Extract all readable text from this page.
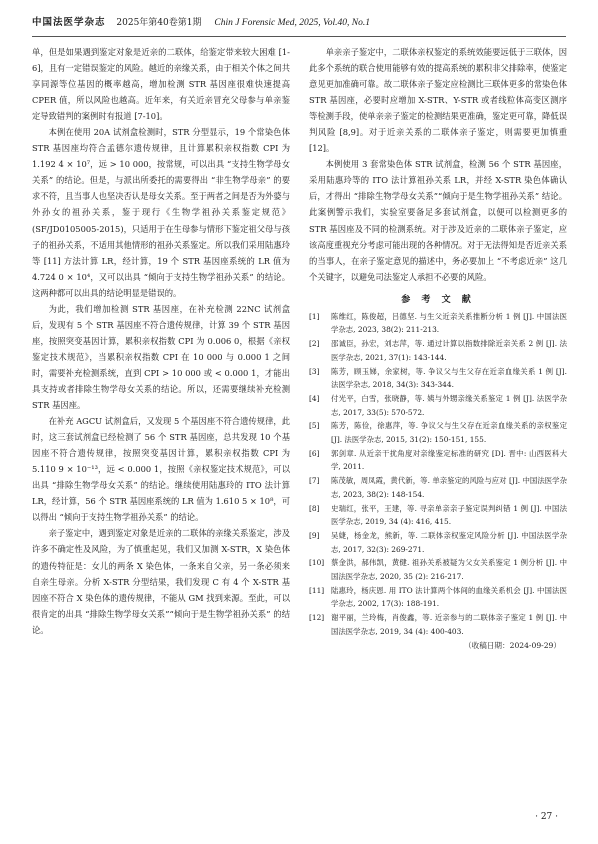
中国法医学杂志 2025年第40卷第1期 Chin J Forensic Med, 2025, Vol.40, No.1

单，但是如果遇到鉴定对象是近亲的二联体，给鉴定带来较大困难 [1-6]，且有一定错误鉴定的风险。越近的亲缘关系，由于相关个体之间共享同源等位基因的概率越高，增加检测 STR 基因座很难快速提高 CPER 值，所以风险也越高。近年来，有关近亲冒充父母参与单亲鉴定导致错判的案例时有报道 [7-10]。

本例在使用 20A 试剂盒检测时，STR 分型显示，19 个常染色体 STR 基因座均符合孟德尔遗传规律，且计算累积亲权指数 CPI 为 1.192 4 × 10⁷，远 > 10 000，按常规，可以出具 “支持生物学母女关系” 的结论。但是，与派出所委托的需要得出 “非生物学母亲” 的要求不符，且当事人也坚决否认是母女关系。至于两者之间是否为外婆与外孙女的祖孙关系，鉴于现行《生物学祖孙关系鉴定规范》(SF/JD0105005-2015)，只适用于在生母参与情形下鉴定祖父母与孩子的祖孙关系，不适用其他情形的祖孙关系鉴定。所以我们采用陆惠玲等 [11] 方法计算 LR，经计算，19 个 STR 基因座系统的 LR 值为 4.724 0 × 10⁴，又可以出具 “倾向于支持生物学祖孙关系” 的结论。这两种都可以出具的结论明显是错误的。

为此，我们增加检测 STR 基因座，在补充检测 22NC 试剂盒后，发现有 5 个 STR 基因座不符合遗传规律，计算 39 个 STR 基因座，按照突变基因计算，累积亲权指数 CPI 为 0.006 0，根据《亲权鉴定技术规范》，当累积亲权指数 CPI 在 10 000 与 0.000 1 之间时，需要补充检测系统，直到 CPI > 10 000 或 < 0.000 1，才能出具支持或者排除生物学母女关系的结论。所以，还需要继续补充检测 STR 基因座。

在补充 AGCU 试剂盒后，又发现 5 个基因座不符合遗传规律，此时，这三套试剂盒已经检测了 56 个 STR 基因座，总共发现 10 个基因座不符合遗传规律，按照突变基因计算，累积亲权指数 CPI 为 5.110 9 × 10⁻¹³，远 < 0.000 1，按照《亲权鉴定技术规范》，可以出具 “排除生物学母女关系” 的结论。继续使用陆惠玲的 ITO 法计算 LR，经计算，56 个 STR 基因座系统的 LR 值为 1.610 5 × 10⁸，可以得出 “倾向于支持生物学祖孙关系” 的结论。

亲子鉴定中，遇到鉴定对象是近亲的二联体的亲缘关系鉴定，涉及许多不确定性及风险，为了慎重起见，我们又加测 X-STR，X 染色体的遗传特征是：女儿的两条 X 染色体，一条来自父亲，另一条必须来自亲生母亲。分析 X-STR 分型结果，我们发现 C 有 4 个 X-STR 基因座不符合 X 染色体的遗传规律，不能从 GM 找到来源。至此，可以很肯定的出具 “排除生物学母女关系”“倾向于是生物学祖孙关系” 的结论。

单亲亲子鉴定中，二联体亲权鉴定的系统效能要远低于三联体，因此多个系统的联合使用能够有效的提高系统的累积非父排除率，使鉴定意见更加准确可靠。故二联体亲子鉴定应检测比三联体更多的常染色体 STR 基因座，必要时应增加 X-STR、Y-STR 或者线粒体高变区测序等检测手段，使单亲亲子鉴定的检测结果更准确，鉴定更可靠，降低误判风险 [8,9]。对于近亲关系的二联体亲子鉴定，则需要更加慎重 [12]。

本例使用 3 套常染色体 STR 试剂盒，检测 56 个 STR 基因座，采用陆惠玲等的 ITO 法计算祖孙关系 LR，并经 X-STR 染色体确认后，才得出 “排除生物学母女关系”“倾向于是生物学祖孙关系” 结论。此案例警示我们，实验室要备足多套试剂盒，以便可以检测更多的 STR 基因座及不同的检测系统。对于涉及近亲的二联体亲子鉴定，应该高度重视充分考虑可能出现的各种情况。对于无法得知是否近亲关系的当事人，在亲子鉴定意见的描述中，务必要加上 “不考虑近亲” 这几个关键字，以避免司法鉴定人承担不必要的风险。

参 考 文 献
[1]	陈维红，陈俊超，吕德坚. 与生父近亲关系推断分析 1 例 [J]. 中国法医学杂志, 2023, 38(2): 211-213.
[2]	邵诚臣，孙宏，刘志萍，等. 通过计算以指数排除近亲关系 2 例 [J]. 法医学杂志, 2021, 37(1): 143-144.
[3]	陈芳，顾玉娣，余家树，等. 争议父与生父存在近亲血缘关系 1 例 [J]. 法医学杂志, 2018, 34(3): 343-344.
[4]	付光平，白雪，张晓静，等. 姨与外甥亲缘关系鉴定 1 例 [J]. 法医学杂志, 2017, 33(5): 570-572.
[5]	陈芳，陈俭，徐惠萍，等. 争议父与生父存在近亲血缘关系的亲权鉴定 [J]. 法医学杂志, 2015, 31(2): 150-151, 155.
[6]	郭剑章. 从近亲干扰角度对亲缘鉴定标准的研究 [D]. 晋中: 山西医科大学, 2011.
[7]	陈茂敏，周凤霞，黄代新，等. 单亲鉴定的风险与应对 [J]. 中国法医学杂志, 2023, 38(2): 148-154.
[8]	史瑞红，张平，王建，等. 寻亲单亲亲子鉴定误判纠错 1 例 [J]. 中国法医学杂志, 2019, 34 (4): 416, 415.
[9]	吴婕，杨金龙，熊新，等. 二联体亲权鉴定风险分析 [J]. 中国法医学杂志, 2017, 32(3): 269-271.
[10] 蔡金洪，郝伟凯，黄健. 祖孙关系被疑为父女关系鉴定 1 例分析 [J]. 中国法医学杂志, 2020, 35 (2): 216-217.
[11] 陆惠玲，杨庆恩. 用 ITO 法计算两个体间的血缘关系机会 [J]. 中国法医学杂志, 2002, 17(3): 188-191.
[12] 谢平丽，兰玲梅，肖俊鑫，等. 近亲参与的二联体亲子鉴定 1 例 [J]. 中国法医学杂志, 2019, 34 (4): 400-403.
（收稿日期：2024-09-29）
· 27 ·
